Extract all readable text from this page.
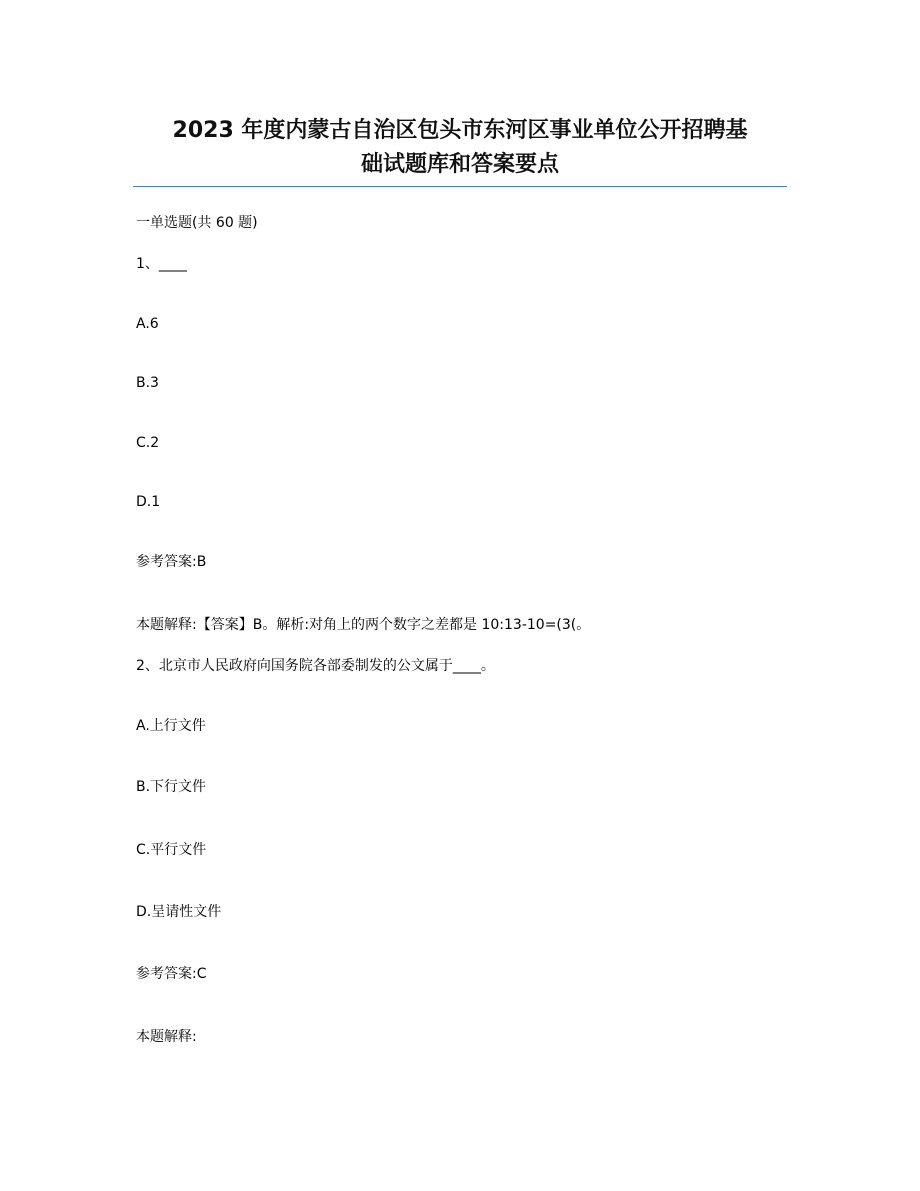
2023 年度内蒙古自治区包头市东河区事业单位公开招聘基

础试题库和答案要点

一单选题(共 60 题)

1、____

A.6

B.3

C.2

D.1

参考答案:B

本题解释:【答案】B。解析:对角上的两个数字之差都是 10:13-10=(3(。

2、北京市人民政府向国务院各部委制发的公文属于____。

A.上行文件

B.下行文件

C.平行文件

D.呈请性文件

参考答案:C

本题解释:
